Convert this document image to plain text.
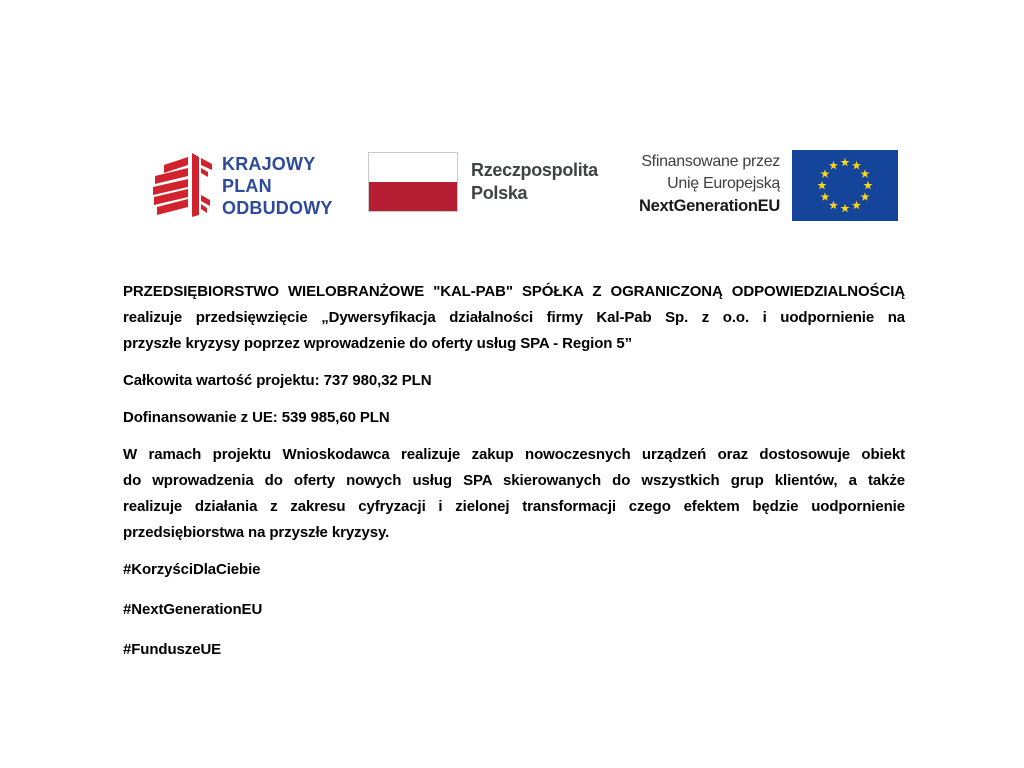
KRAJOWY
PLAN
ODBUDOWY
Rzeczpospolita
Polska
Sfinansowane przez
Unię Europejską
NextGenerationEU
PRZEDSIĘBIORSTWO WIELOBRANŻOWE "KAL-PAB" SPÓŁKA Z OGRANICZONĄ ODPOWIEDZIALNOŚCIĄ
realizuje przedsięwzięcie „Dywersyfikacja działalności firmy Kal-Pab Sp. z o.o. i uodpornienie na
przyszłe kryzysy poprzez wprowadzenie do oferty usług SPA - Region 5”
Całkowita wartość projektu: 737 980,32 PLN
Dofinansowanie z UE: 539 985,60 PLN
W ramach projektu Wnioskodawca realizuje zakup nowoczesnych urządzeń oraz dostosowuje obiekt
do wprowadzenia do oferty nowych usług SPA skierowanych do wszystkich grup klientów, a także
realizuje działania z zakresu cyfryzacji i zielonej transformacji czego efektem będzie uodpornienie
przedsiębiorstwa na przyszłe kryzysy.
#KorzyściDlaCiebie
#NextGenerationEU
#FunduszeUE
